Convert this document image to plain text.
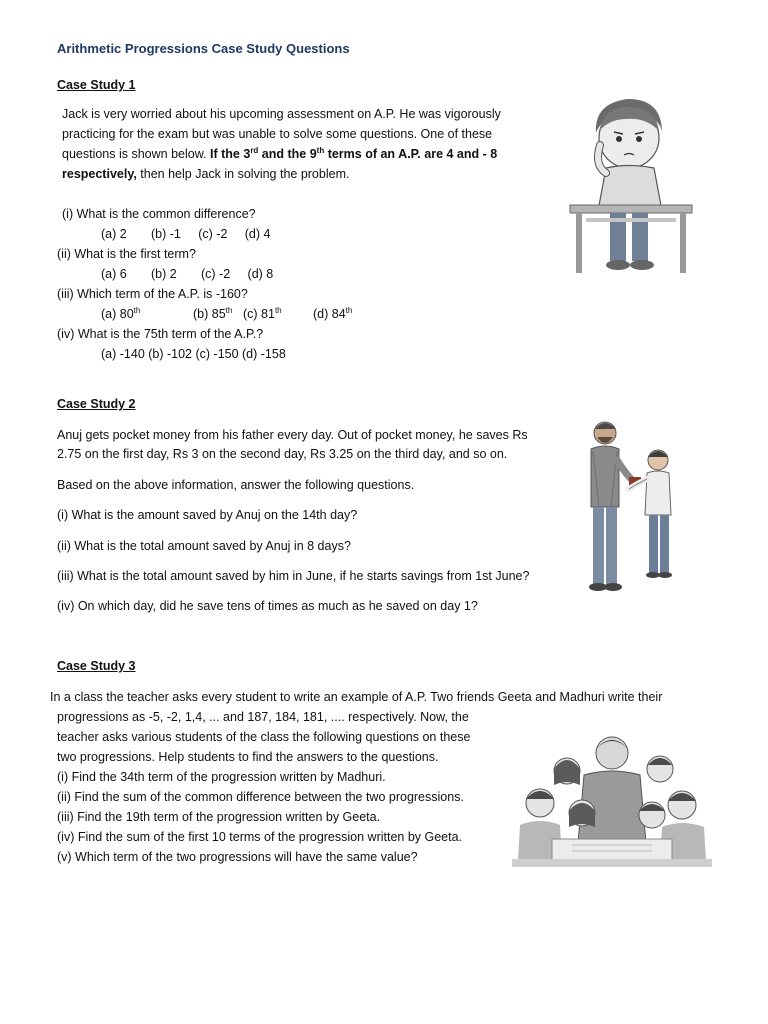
Arithmetic Progressions Case Study Questions
Case Study 1
Jack is very worried about his upcoming assessment on A.P. He was vigorously
practicing for the exam but was unable to solve some questions. One of these
questions is shown below. If the 3rd and the 9th terms of an A.P. are 4 and - 8
respectively, then help Jack in solving the problem.
(i) What is the common difference?
(a) 2       (b) -1     (c) -2     (d) 4
(ii) What is the first term?
(a) 6       (b) 2       (c) -2     (d) 8
(iii) Which term of the A.P. is -160?
(a) 80th	(b) 85th (c) 81th	(d) 84th
(iv) What is the 75th term of the A.P.?
(a) -140 (b) -102 (c) -150 (d) -158
Case Study 2
Anuj gets pocket money from his father every day. Out of pocket money, he saves Rs
2.75 on the first day, Rs 3 on the second day, Rs 3.25 on the third day, and so on.
Based on the above information, answer the following questions.
(i) What is the amount saved by Anuj on the 14th day?
(ii) What is the total amount saved by Anuj in 8 days?
(iii) What is the total amount saved by him in June, if he starts savings from 1st June?
(iv) On which day, did he save tens of times as much as he saved on day 1?
Case Study 3
In a class the teacher asks every student to write an example of A.P. Two friends Geeta and Madhuri write their
progressions as -5, -2, 1,4, ... and 187, 184, 181, .... respectively. Now, the
teacher asks various students of the class the following questions on these
two progressions. Help students to find the answers to the questions.
(i) Find the 34th term of the progression written by Madhuri.
(ii) Find the sum of the common difference between the two progressions.
(iii) Find the 19th term of the progression written by Geeta.
(iv) Find the sum of the first 10 terms of the progression written by Geeta.
(v) Which term of the two progressions will have the same value?
